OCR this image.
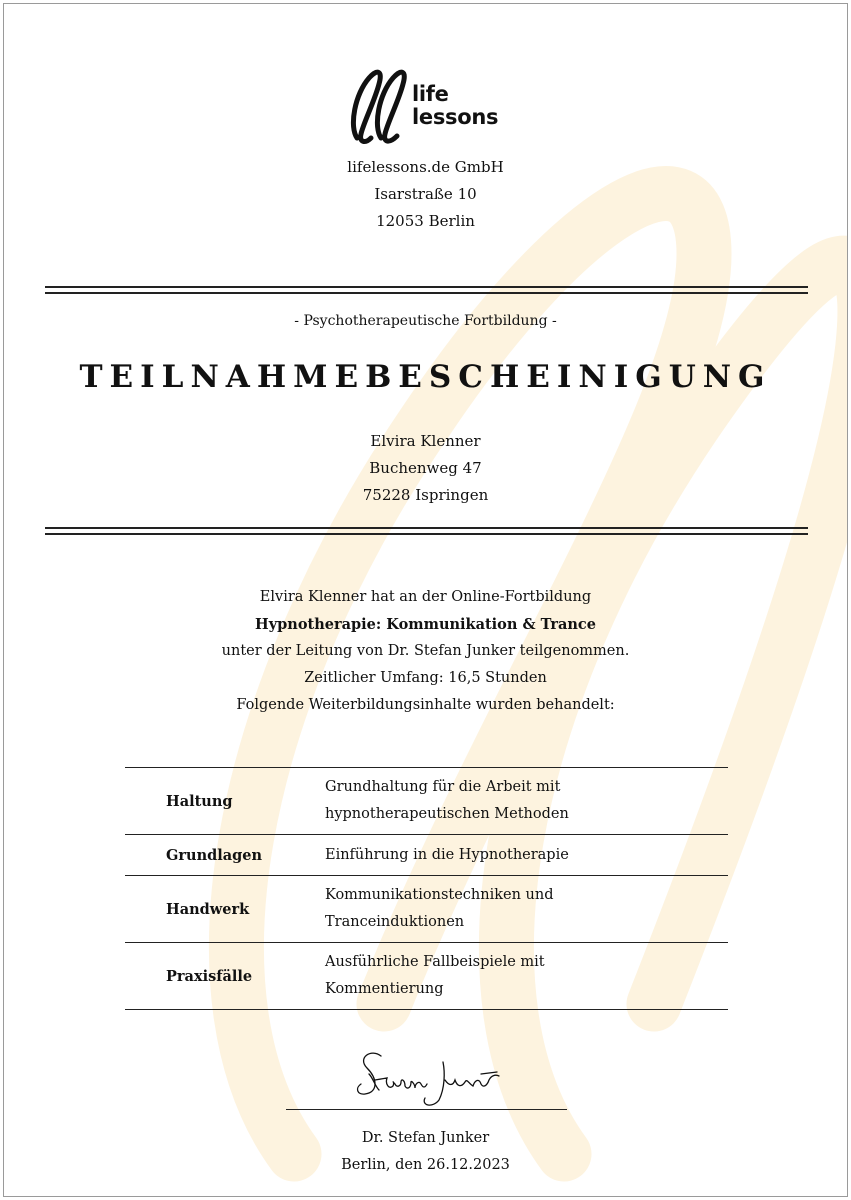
life
lessons
lifelessons.de GmbH
Isarstraße 10
12053 Berlin
- Psychotherapeutische Fortbildung -
TEILNAHMEBESCHEINIGUNG
Elvira Klenner
Buchenweg 47
75228 Ispringen
Elvira Klenner hat an der Online-Fortbildung
Hypnotherapie: Kommunikation & Trance
unter der Leitung von Dr. Stefan Junker teilgenommen.
Zeitlicher Umfang: 16,5 Stunden
Folgende Weiterbildungsinhalte wurden behandelt:
Haltung
Grundhaltung für die Arbeit mit
hypnotherapeutischen Methoden
Grundlagen	Einführung in die Hypnotherapie
Handwerk
Kommunikationstechniken und
Tranceinduktionen
Praxisfälle
Ausführliche Fallbeispiele mit
Kommentierung
Dr. Stefan Junker
Berlin, den 26.12.2023
